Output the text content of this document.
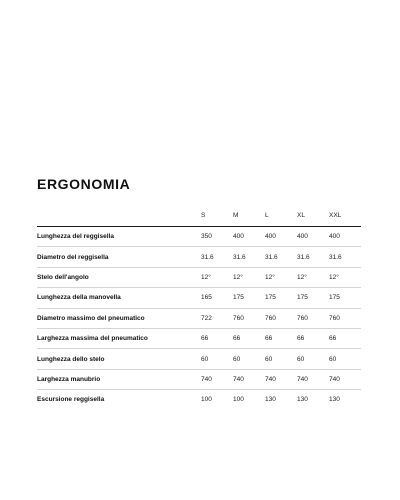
ERGONOMIA
	S	M	L	XL	XXL
Lunghezza del reggisella	350	400	400	400	400
Diametro del reggisella	31.6	31.6	31.6	31.6	31.6
Stelo dell'angolo	12°	12°	12°	12°	12°
Lunghezza della manovella	165	175	175	175	175
Diametro massimo del pneumatico	722	760	760	760	760
Larghezza massima del pneumatico	66	66	66	66	66
Lunghezza dello stelo	60	60	60	60	60
Larghezza manubrio	740	740	740	740	740
Escursione reggisella	100	100	130	130	130
